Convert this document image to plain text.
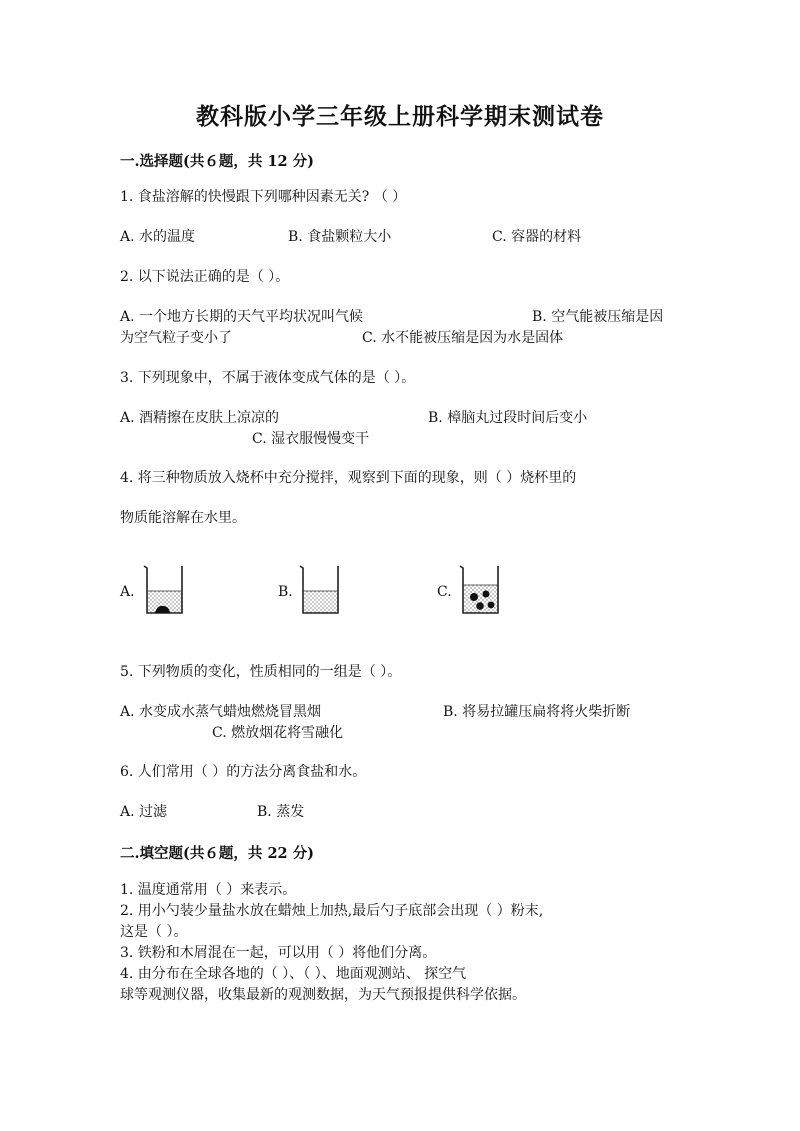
教科版小学三年级上册科学期末测试卷
一.选择题(共６题，共 12 分)
1. 食盐溶解的快慢跟下列哪种因素无关? （ ）
A. 水的温度	B. 食盐颗粒大小	C. 容器的材料
2. 以下说法正确的是（ ）。
A. 一个地方长期的天气平均状况叫气候	B. 空气能被压缩是因
为空气粒子变小了	C. 水不能被压缩是因为水是固体
3. 下列现象中，不属于液体变成气体的是（ ）。
A. 酒精擦在皮肤上凉凉的	B. 樟脑丸过段时间后变小
C. 湿衣服慢慢变干
4. 将三种物质放入烧杯中充分搅拌，观察到下面的现象，则（ ）烧杯里的
物质能溶解在水里。
A.	B.	C.
5. 下列物质的变化，性质相同的一组是（ ）。
A. 水变成水蒸气蜡烛燃烧冒黑烟	B. 将易拉罐压扁将将火柴折断
C. 燃放烟花将雪融化
6. 人们常用（ ）的方法分离食盐和水。
A. 过滤	B. 蒸发
二.填空题(共６题，共 22 分)
1. 温度通常用（ ）来表示。
2. 用小勺装少量盐水放在蜡烛上加热,最后勺子底部会出现（ ）粉末,
这是（ ）。
3. 铁粉和木屑混在一起，可以用（ ）将他们分离。
4. 由分布在全球各地的（ ）、（ ）、地面观测站、 探空气
球等观测仪器，收集最新的观测数据，为天气预报提供科学依据。
